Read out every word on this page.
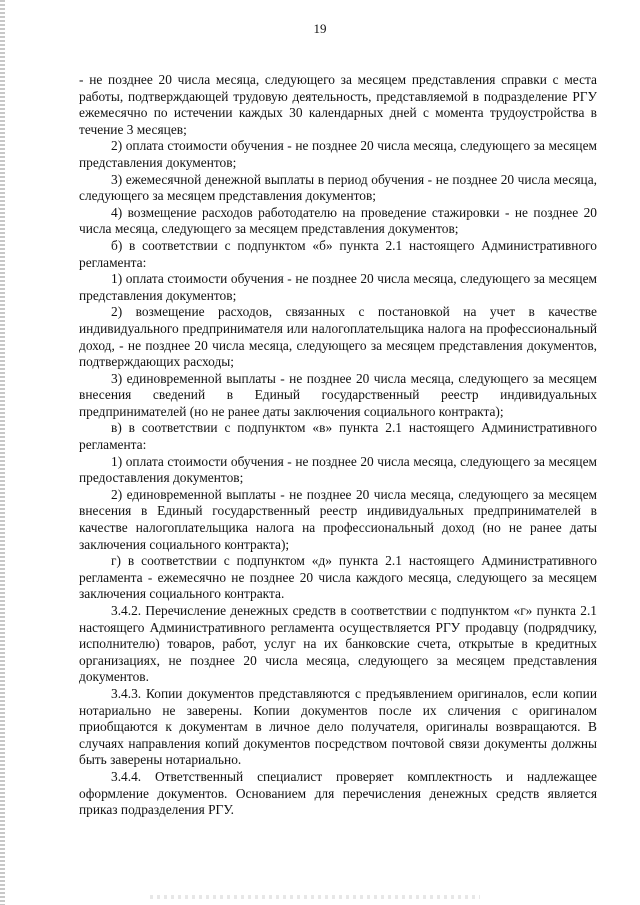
19

- не позднее 20 числа месяца, следующего за месяцем представления справки с места работы, подтверждающей трудовую деятельность, представляемой в подразделение РГУ ежемесячно по истечении каждых 30 календарных дней с момента трудоустройства в течение 3 месяцев;

2) оплата стоимости обучения - не позднее 20 числа месяца, следующего за месяцем представления документов;

3) ежемесячной денежной выплаты в период обучения - не позднее 20 числа месяца, следующего за месяцем представления документов;

4) возмещение расходов работодателю на проведение стажировки - не позднее 20 числа месяца, следующего за месяцем представления документов;

б) в соответствии с подпунктом «б» пункта 2.1 настоящего Административного регламента:

1) оплата стоимости обучения - не позднее 20 числа месяца, следующего за месяцем представления документов;

2) возмещение расходов, связанных с постановкой на учет в качестве индивидуального предпринимателя или налогоплательщика налога на профессиональный доход, - не позднее 20 числа месяца, следующего за месяцем представления документов, подтверждающих расходы;

3) единовременной выплаты - не позднее 20 числа месяца, следующего за месяцем внесения сведений в Единый государственный реестр индивидуальных предпринимателей (но не ранее даты заключения социального контракта);

в) в соответствии с подпунктом «в» пункта 2.1 настоящего Административного регламента:

1) оплата стоимости обучения - не позднее 20 числа месяца, следующего за месяцем предоставления документов;

2) единовременной выплаты - не позднее 20 числа месяца, следующего за месяцем внесения в Единый государственный реестр индивидуальных предпринимателей в качестве налогоплательщика налога на профессиональный доход (но не ранее даты заключения социального контракта);

г) в соответствии с подпунктом «д» пункта 2.1 настоящего Административного регламента - ежемесячно не позднее 20 числа каждого месяца, следующего за месяцем заключения социального контракта.

3.4.2. Перечисление денежных средств в соответствии с подпунктом «г» пункта 2.1 настоящего Административного регламента осуществляется РГУ продавцу (подрядчику, исполнителю) товаров, работ, услуг на их банковские счета, открытые в кредитных организациях, не позднее 20 числа месяца, следующего за месяцем представления документов.

3.4.3. Копии документов представляются с предъявлением оригиналов, если копии нотариально не заверены. Копии документов после их сличения с оригиналом приобщаются к документам в личное дело получателя, оригиналы возвращаются. В случаях направления копий документов посредством почтовой связи документы должны быть заверены нотариально.

3.4.4. Ответственный специалист проверяет комплектность и надлежащее оформление документов. Основанием для перечисления денежных средств является приказ подразделения РГУ.
